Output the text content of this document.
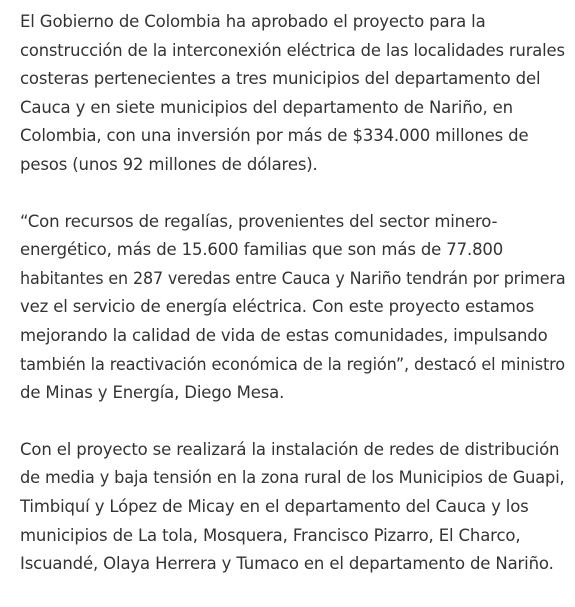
El Gobierno de Colombia ha aprobado el proyecto para la
construcción de la interconexión eléctrica de las localidades rurales
costeras pertenecientes a tres municipios del departamento del
Cauca y en siete municipios del departamento de Nariño, en
Colombia, con una inversión por más de $334.000 millones de
pesos (unos 92 millones de dólares).

“Con recursos de regalías, provenientes del sector minero-
energético, más de 15.600 familias que son más de 77.800
habitantes en 287 veredas entre Cauca y Nariño tendrán por primera
vez el servicio de energía eléctrica. Con este proyecto estamos
mejorando la calidad de vida de estas comunidades, impulsando
también la reactivación económica de la región”, destacó el ministro
de Minas y Energía, Diego Mesa.

Con el proyecto se realizará la instalación de redes de distribución
de media y baja tensión en la zona rural de los Municipios de Guapi,
Timbiquí y López de Micay en el departamento del Cauca y los
municipios de La tola, Mosquera, Francisco Pizarro, El Charco,
Iscuandé, Olaya Herrera y Tumaco en el departamento de Nariño.
